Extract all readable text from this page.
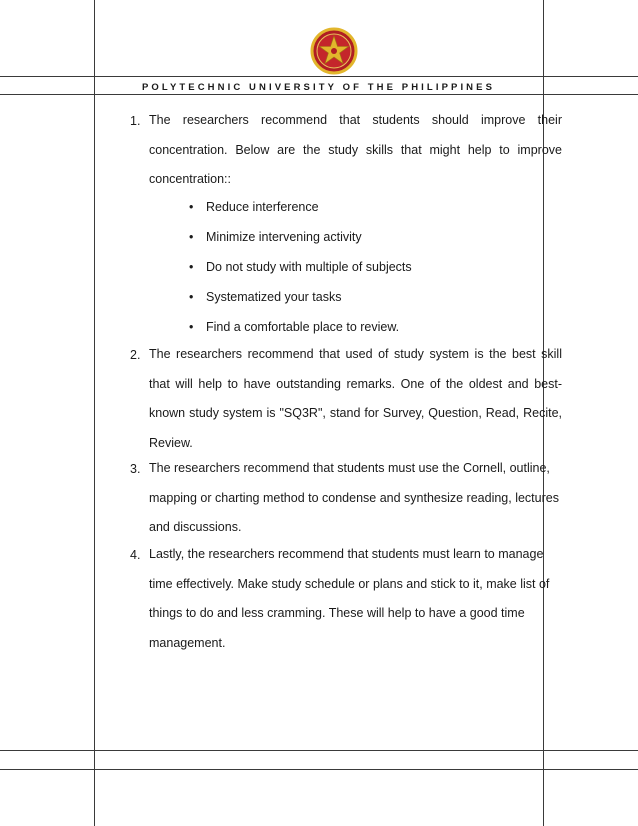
POLYTECHNIC UNIVERSITY OF THE PHILIPPINES
1. The researchers recommend that students should improve their concentration. Below are the study skills that might help to improve concentration::

• Reduce interference
• Minimize intervening activity
• Do not study with multiple of subjects
• Systematized your tasks
• Find a comfortable place to review.
2. The researchers recommend that used of study system is the best skill that will help to have outstanding remarks. One of the oldest and best-known study system is "SQ3R", stand for Survey, Question, Read, Recite, Review.

3. The researchers recommend that students must use the Cornell, outline, mapping or charting method to condense and synthesize reading, lectures and discussions.

4. Lastly, the researchers recommend that students must learn to manage time effectively. Make study schedule or plans and stick to it, make list of things to do and less cramming. These will help to have a good time management.
